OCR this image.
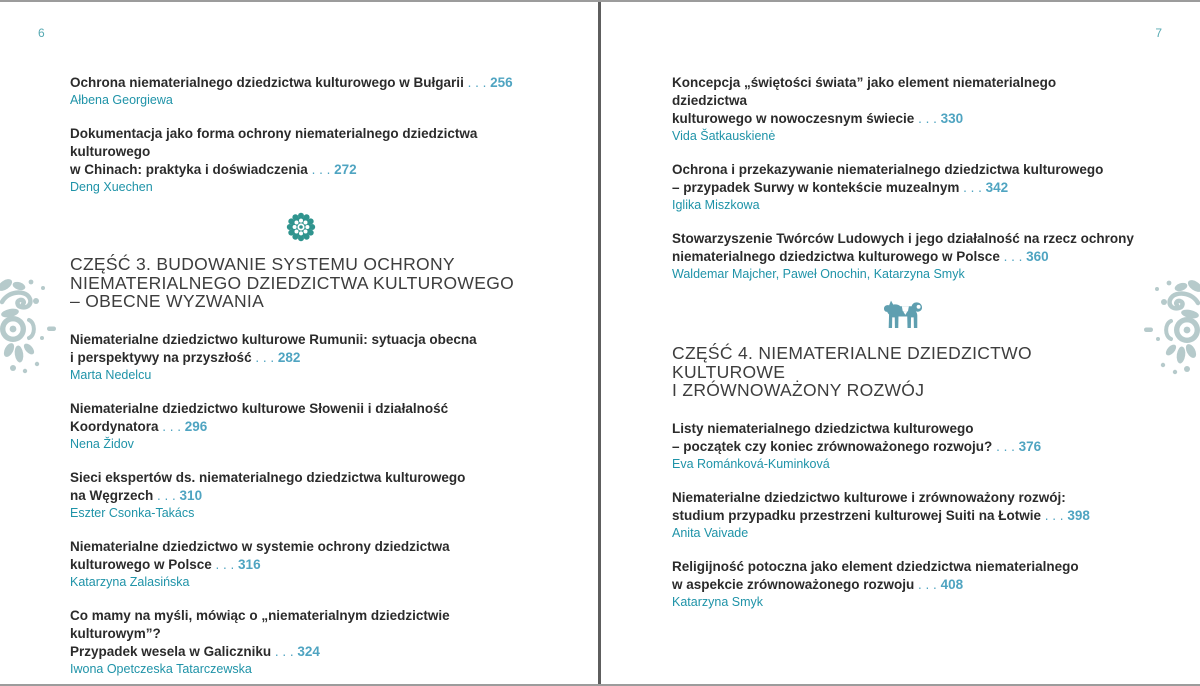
6
Ochrona niematerialnego dziedzictwa kulturowego w Bułgarii . . . 256
Ałbena Georgiewa
Dokumentacja jako forma ochrony niematerialnego dziedzictwa kulturowego
w Chinach: praktyka i doświadczenia . . . 272
Deng Xuechen
CZĘŚĆ 3. BUDOWANIE SYSTEMU OCHRONY
NIEMATERIALNEGO DZIEDZICTWA KULTUROWEGO
– OBECNE WYZWANIA
Niematerialne dziedzictwo kulturowe Rumunii: sytuacja obecna
i perspektywy na przyszłość . . . 282
Marta Nedelcu
Niematerialne dziedzictwo kulturowe Słowenii i działalność Koordynatora . . . 296
Nena Židov
Sieci ekspertów ds. niematerialnego dziedzictwa kulturowego
na Węgrzech . . . 310
Eszter Csonka-Takács
Niematerialne dziedzictwo w systemie ochrony dziedzictwa
kulturowego w Polsce . . . 316
Katarzyna Zalasińska
Co mamy na myśli, mówiąc o „niematerialnym dziedzictwie kulturowym”?
Przypadek wesela w Galiczniku . . . 324
Iwona Opetczeska Tatarczewska
7
Koncepcja „świętości świata” jako element niematerialnego dziedzictwa
kulturowego w nowoczesnym świecie . . . 330
Vida Šatkauskienė
Ochrona i przekazywanie niematerialnego dziedzictwa kulturowego
– przypadek Surwy w kontekście muzealnym . . . 342
Iglika Miszkowa
Stowarzyszenie Twórców Ludowych i jego działalność na rzecz ochrony
niematerialnego dziedzictwa kulturowego w Polsce . . . 360
Waldemar Majcher, Paweł Onochin, Katarzyna Smyk
CZĘŚĆ 4. NIEMATERIALNE DZIEDZICTWO KULTUROWE
I ZRÓWNOWAŻONY ROZWÓJ
Listy niematerialnego dziedzictwa kulturowego
– początek czy koniec zrównoważonego rozwoju? . . . 376
Eva Románková-Kuminková
Niematerialne dziedzictwo kulturowe i zrównoważony rozwój:
studium przypadku przestrzeni kulturowej Suiti na Łotwie . . . 398
Anita Vaivade
Religijność potoczna jako element dziedzictwa niematerialnego
w aspekcie zrównoważonego rozwoju . . . 408
Katarzyna Smyk
